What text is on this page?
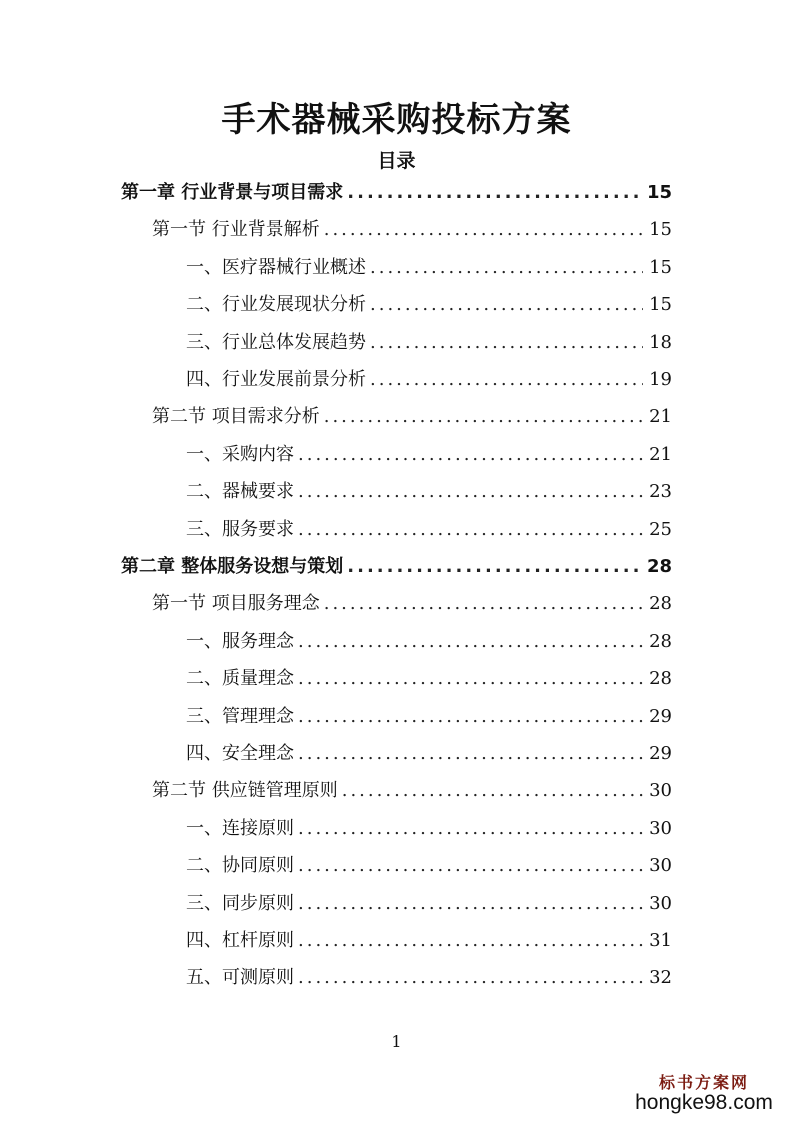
手术器械采购投标方案
目录
第一章 行业背景与项目需求 .....	15
第一节 行业背景解析 .....	15
一、医疗器械行业概述 .....	15
二、行业发展现状分析 .....	15
三、行业总体发展趋势 .....	18
四、行业发展前景分析 .....	19
第二节 项目需求分析 .....	21
一、采购内容 .....	21
二、器械要求 .....	23
三、服务要求 .....	25
第二章 整体服务设想与策划 .....	28
第一节 项目服务理念 .....	28
一、服务理念 .....	28
二、质量理念 .....	28
三、管理理念 .....	29
四、安全理念 .....	29
第二节 供应链管理原则 .....	30
一、连接原则 .....	30
二、协同原则 .....	30
三、同步原则 .....	30
四、杠杆原则 .....	31
五、可测原则 .....	32
1
标书方案网
hongke98.com
